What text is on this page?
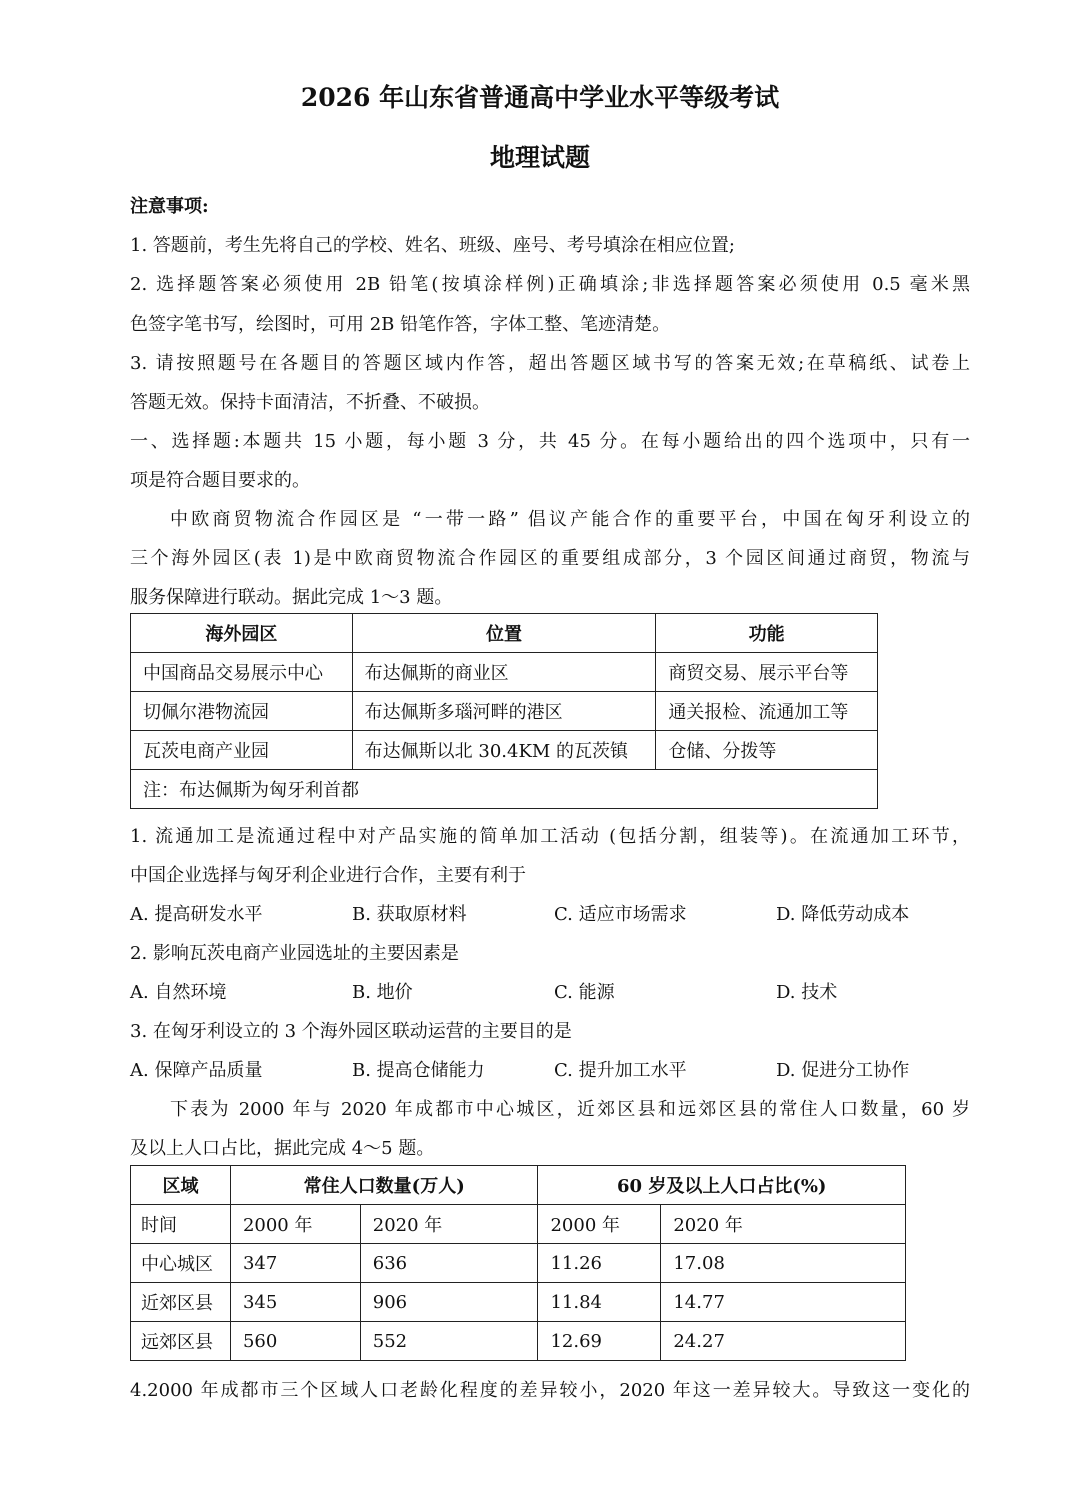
2026 年山东省普通高中学业水平等级考试
地理试题
注意事项:
1. 答题前，考生先将自己的学校、姓名、班级、座号、考号填涂在相应位置;
2. 选择题答案必须使用 2B 铅笔(按填涂样例)正确填涂;非选择题答案必须使用 0.5 毫米黑
色签字笔书写，绘图时，可用 2B 铅笔作答，字体工整、笔迹清楚。
3. 请按照题号在各题目的答题区域内作答，超出答题区域书写的答案无效;在草稿纸、试卷上
答题无效。保持卡面清洁，不折叠、不破损。
一、选择题:本题共 15 小题，每小题 3 分，共 45 分。在每小题给出的四个选项中，只有一
项是符合题目要求的。
中欧商贸物流合作园区是 “一带一路” 倡议产能合作的重要平台，中国在匈牙利设立的
三个海外园区(表 1)是中欧商贸物流合作园区的重要组成部分，3 个园区间通过商贸，物流与
服务保障进行联动。据此完成 1～3 题。
海外园区	位置	功能
中国商品交易展示中心	布达佩斯的商业区	商贸交易、展示平台等
切佩尔港物流园	布达佩斯多瑙河畔的港区	通关报检、流通加工等
瓦茨电商产业园	布达佩斯以北 30.4KM 的瓦茨镇	仓储、分拨等
注：布达佩斯为匈牙利首都		
1. 流通加工是流通过程中对产品实施的简单加工活动 (包括分割，组装等)。在流通加工环节，
中国企业选择与匈牙利企业进行合作，主要有利于
A. 提高研发水平	B. 获取原材料	C. 适应市场需求	D. 降低劳动成本
2. 影响瓦茨电商产业园选址的主要因素是
A. 自然环境	B. 地价	C. 能源	D. 技术
3. 在匈牙利设立的 3 个海外园区联动运营的主要目的是
A. 保障产品质量	B. 提高仓储能力	C. 提升加工水平	D. 促进分工协作
下表为 2000 年与 2020 年成都市中心城区，近郊区县和远郊区县的常住人口数量，60 岁
及以上人口占比，据此完成 4～5 题。
区域	常住人口数量(万人)		60 岁及以上人口占比(%)	
时间	2000 年	2020 年	2000 年	2020 年
中心城区	347	636	11.26	17.08
近郊区县	345	906	11.84	14.77
远郊区县	560	552	12.69	24.27
4.2000 年成都市三个区域人口老龄化程度的差异较小，2020 年这一差异较大。导致这一变化的
